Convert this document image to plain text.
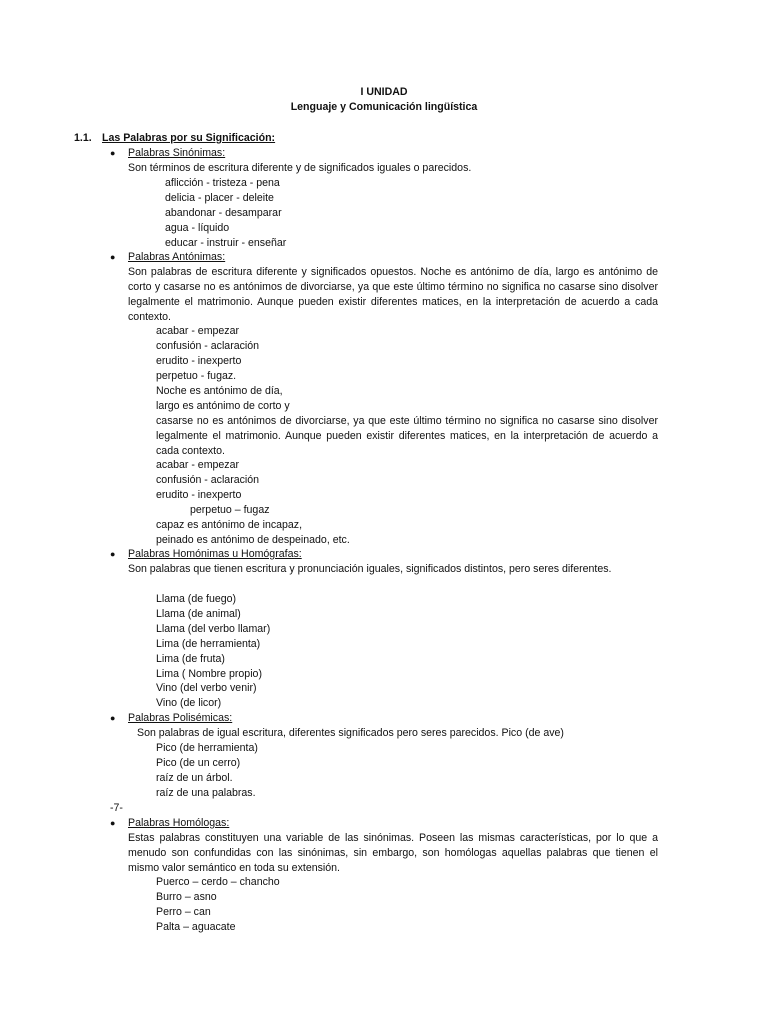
I UNIDAD
Lenguaje y Comunicación lingüística
1.1. Las Palabras por su Significación:
● Palabras Sinónimas:
Son términos de escritura diferente y de significados iguales o parecidos.
aflicción - tristeza - pena
delicia - placer - deleite
abandonar - desamparar
agua - líquido
educar - instruir - enseñar
● Palabras Antónimas:
Son palabras de escritura diferente y significados opuestos. Noche es antónimo de día, largo es antónimo de corto y casarse no es antónimos de divorciarse, ya que este último término no significa no casarse sino disolver legalmente el matrimonio. Aunque pueden existir diferentes matices, en la interpretación de acuerdo a cada contexto.
acabar - empezar
confusión - aclaración
erudito - inexperto
perpetuo - fugaz.
Noche es antónimo de día,
largo es antónimo de corto y
casarse no es antónimos de divorciarse, ya que este último término no significa no casarse sino disolver legalmente el matrimonio. Aunque pueden existir diferentes matices, en la interpretación de acuerdo a cada contexto.
acabar - empezar
confusión - aclaración
erudito - inexperto
perpetuo – fugaz
capaz es antónimo de incapaz,
peinado es antónimo de despeinado, etc.
● Palabras Homónimas u Homógrafas:
Son palabras que tienen escritura y pronunciación iguales, significados distintos, pero seres diferentes.
Llama (de fuego)
Llama (de animal)
Llama (del verbo llamar)
Lima (de herramienta)
Lima (de fruta)
Lima ( Nombre propio)
Vino (del verbo venir)
Vino (de licor)
● Palabras Polisémicas:
Son palabras de igual escritura, diferentes significados pero seres parecidos. Pico (de ave)
Pico (de herramienta)
Pico (de un cerro)
raíz de un árbol.
raíz de una palabras.
-7-
● Palabras Homólogas:
Estas palabras constituyen una variable de las sinónimas. Poseen las mismas características, por lo que a menudo son confundidas con las sinónimas, sin embargo, son homólogas aquellas palabras que tienen el mismo valor semántico en toda su extensión.
Puerco – cerdo – chancho
Burro – asno
Perro – can
Palta – aguacate
